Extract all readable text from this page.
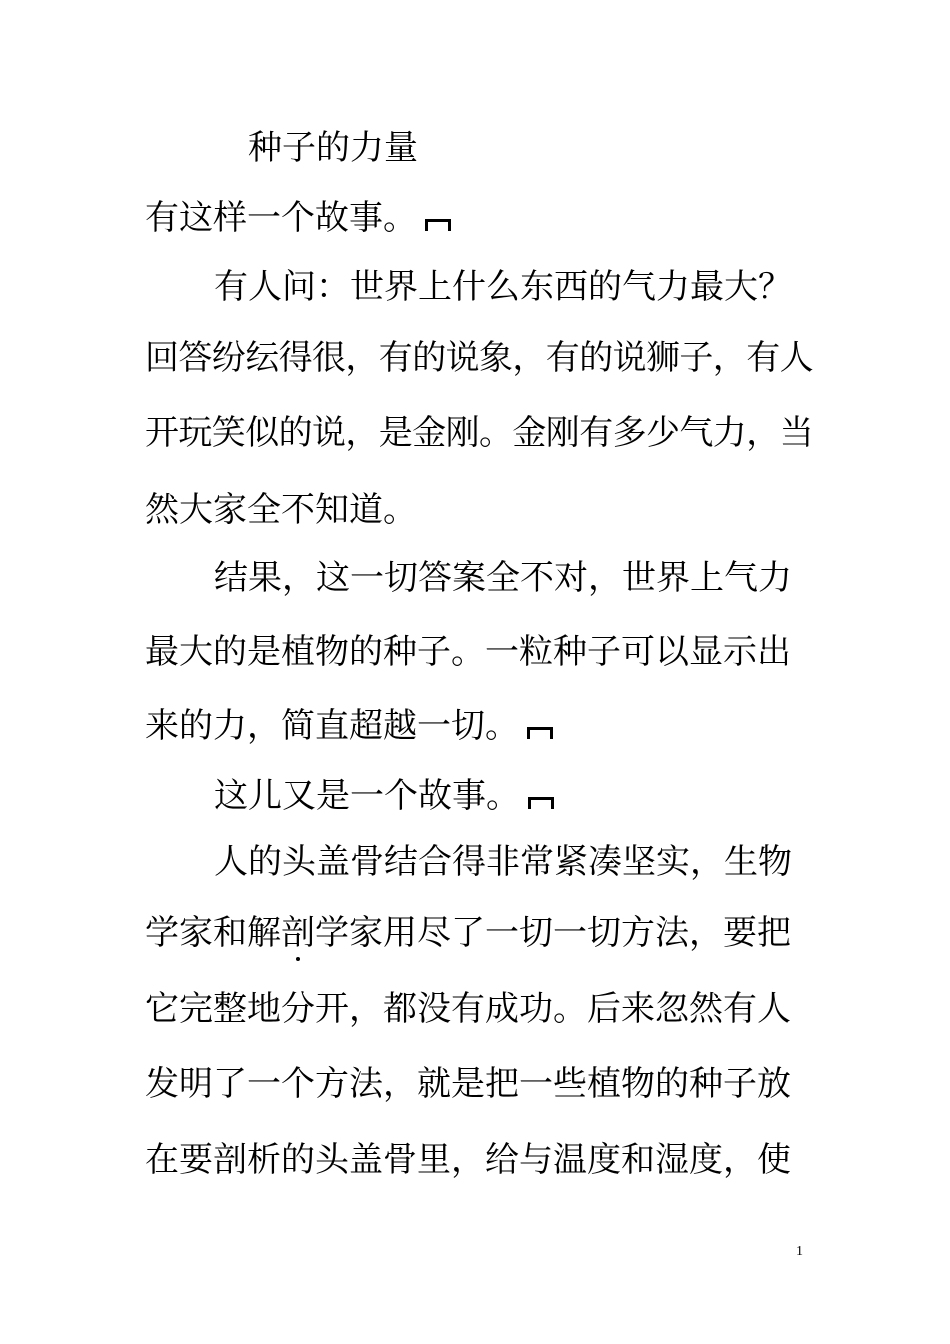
种子的力量
有这样一个故事。
有人问：世界上什么东西的气力最大？
回答纷纭得很，有的说象，有的说狮子，有人
开玩笑似的说，是金刚。金刚有多少气力，当
然大家全不知道。
结果，这一切答案全不对，世界上气力
最大的是植物的种子。一粒种子可以显示出
来的力，简直超越一切。
这儿又是一个故事。
人的头盖骨结合得非常紧凑坚实，生物
学家和解剖学家用尽了一切一切方法，要把
它完整地分开，都没有成功。后来忽然有人
发明了一个方法，就是把一些植物的种子放
在要剖析的头盖骨里，给与温度和湿度，使
1
